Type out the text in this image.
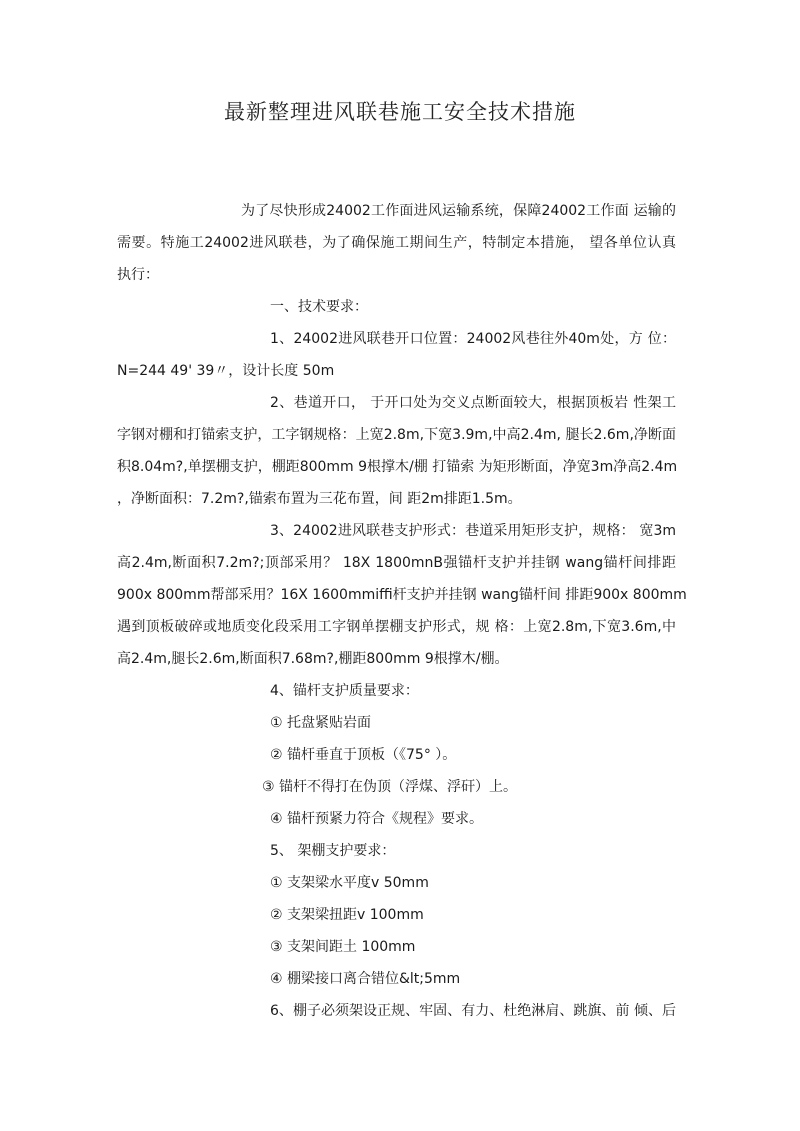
最新整理进风联巷施工安全技术措施
为了尽快形成24002工作面进风运输系统，保障24002工作面 运输的
需要。特施工24002进风联巷，为了确保施工期间生产，特制定本措施， 望各单位认真
执行：
一、技术要求：
1、24002进风联巷开口位置：24002风巷往外40m处，方 位：
N=244 49' 39〃，设计长度 50m
2、巷道开口， 于开口处为交义点断面较大，根据顶板岩 性架工
字钢对棚和打锚索支护，工字钢规格：上宽2.8m,下宽3.9m,中高2.4m, 腿长2.6m,净断面
积8.04m?,单摆棚支护，棚距800mm 9根撑木/棚 打锚索 为矩形断面，净宽3m净高2.4m
，净断面积：7.2m?,锚索布置为三花布置，间 距2m排距1.5m。
3、24002进风联巷支护形式：巷道采用矩形支护，规格： 宽3m
高2.4m,断面积7.2m?;顶部采用？ 18X 1800mnB强锚杆支护并挂钢 wang锚杆间排距
900x 800mm帮部采用？16X 1600mmiffi杆支护并挂钢 wang锚杆间 排距900x 800mm
遇到顶板破碎或地质变化段采用工字钢单摆棚支护形式，规 格：上宽2.8m,下宽3.6m,中
高2.4m,腿长2.6m,断面积7.68m?,棚距800mm 9根撑木/棚。
4、锚杆支护质量要求：
① 托盘紧贴岩面
② 锚杆垂直于顶板（《75° ）。
③ 锚杆不得打在伪顶（浮煤、浮矸）上。
④ 锚杆预紧力符合《规程》要求。
5、 架棚支护要求：
① 支架梁水平度v 50mm
② 支架梁扭距v 100mm
③ 支架间距土 100mm
④ 棚梁接口离合错位&lt;5mm
6、棚子必须架设正规、牢固、有力、杜绝淋肩、跳旗、前 倾、后
